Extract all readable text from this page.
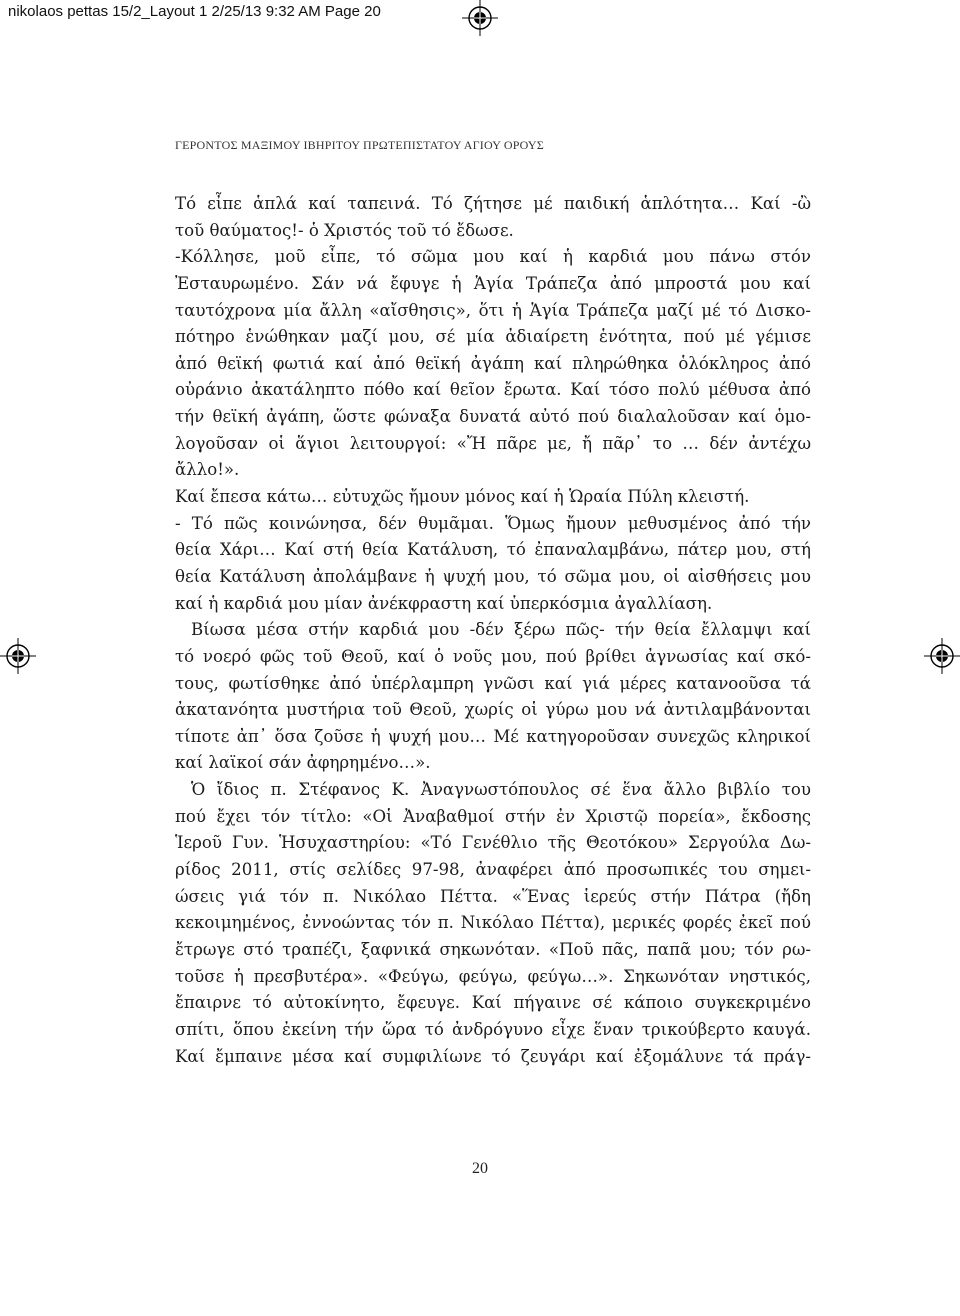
nikolaos pettas 15/2_Layout 1 2/25/13 9:32 AM Page 20
ΓΕΡΟΝΤΟΣ ΜΑΞΙΜΟΥ ΙΒΗΡΙΤΟΥ ΠΡΩΤΕΠΙΣΤΑΤΟΥ ΑΓΙΟΥ ΟΡΟΥΣ
Τό εἶπε ἁπλά καί ταπεινά. Τό ζήτησε μέ παιδική ἁπλότητα… Καί -ὢ
τοῦ θαύματος!- ὁ Χριστός τοῦ τό ἔδωσε.
-Κόλλησε, μοῦ εἶπε, τό σῶμα μου καί ἡ καρδιά μου πάνω στόν
Ἐσταυρωμένο. Σάν νά ἔφυγε ἡ Ἁγία Τράπεζα ἀπό μπροστά μου καί
ταυτόχρονα μία ἄλλη «αἴσθησις», ὅτι ἡ Ἁγία Τράπεζα μαζί μέ τό Δισκο-
πότηρο ἑνώθηκαν μαζί μου, σέ μία ἀδιαίρετη ἑνότητα, πού μέ γέμισε
ἀπό θεϊκή φωτιά καί ἀπό θεϊκή ἀγάπη καί πληρώθηκα ὁλόκληρος ἀπό
οὐράνιο ἀκατάληπτο πόθο καί θεῖον ἔρωτα. Καί τόσο πολύ μέθυσα ἀπό
τήν θεϊκή ἀγάπη, ὥστε φώναξα δυνατά αὐτό πού διαλαλοῦσαν καί ὁμο-
λογοῦσαν οἱ ἅγιοι λειτουργοί: «Ἤ πᾶρε με, ἤ πᾶρ᾽ το … δέν ἀντέχω
ἄλλο!».
Καί ἔπεσα κάτω… εὐτυχῶς ἤμουν μόνος καί ἡ Ὡραία Πύλη κλειστή.
- Τό πῶς κοινώνησα, δέν θυμᾶμαι. Ὅμως ἤμουν μεθυσμένος ἀπό τήν
θεία Χάρι… Καί στή θεία Κατάλυση, τό ἐπαναλαμβάνω, πάτερ μου, στή
θεία Κατάλυση ἀπολάμβανε ἡ ψυχή μου, τό σῶμα μου, οἱ αἰσθήσεις μου
καί ἡ καρδιά μου μίαν ἀνέκφραστη καί ὑπερκόσμια ἀγαλλίαση.
Βίωσα μέσα στήν καρδιά μου -δέν ξέρω πῶς- τήν θεία ἔλλαμψι καί
τό νοερό φῶς τοῦ Θεοῦ, καί ὁ νοῦς μου, πού βρίθει ἀγνωσίας καί σκό-
τους, φωτίσθηκε ἀπό ὑπέρλαμπρη γνῶσι καί γιά μέρες κατανοοῦσα τά
ἀκατανόητα μυστήρια τοῦ Θεοῦ, χωρίς οἱ γύρω μου νά ἀντιλαμβάνονται
τίποτε ἀπ᾽ ὅσα ζοῦσε ἡ ψυχή μου… Μέ κατηγοροῦσαν συνεχῶς κληρικοί
καί λαϊκοί σάν ἀφηρημένο…».
Ὁ ἴδιος π. Στέφανος Κ. Ἀναγνωστόπουλος σέ ἕνα ἄλλο βιβλίο του
πού ἔχει τόν τίτλο: «Οἱ Ἀναβαθμοί στήν ἐν Χριστῷ πορεία», ἔκδοσης
Ἱεροῦ Γυν. Ἡσυχαστηρίου: «Τό Γενέθλιο τῆς Θεοτόκου» Σεργούλα Δω-
ρίδος 2011, στίς σελίδες 97-98, ἀναφέρει ἀπό προσωπικές του σημει-
ώσεις γιά τόν π. Νικόλαο Πέττα. «Ἕνας ἱερεύς στήν Πάτρα (ἤδη
κεκοιμημένος, ἐννοώντας τόν π. Νικόλαο Πέττα), μερικές φορές ἐκεῖ πού
ἔτρωγε στό τραπέζι, ξαφνικά σηκωνόταν. «Ποῦ πᾶς, παπᾶ μου; τόν ρω-
τοῦσε ἡ πρεσβυτέρα». «Φεύγω, φεύγω, φεύγω…». Σηκωνόταν νηστικός,
ἔπαιρνε τό αὐτοκίνητο, ἔφευγε. Καί πήγαινε σέ κάποιο συγκεκριμένο
σπίτι, ὅπου ἐκείνη τήν ὥρα τό ἀνδρόγυνο εἶχε ἕναν τρικούβερτο καυγά.
Καί ἔμπαινε μέσα καί συμφιλίωνε τό ζευγάρι καί ἐξομάλυνε τά πράγ-
20
